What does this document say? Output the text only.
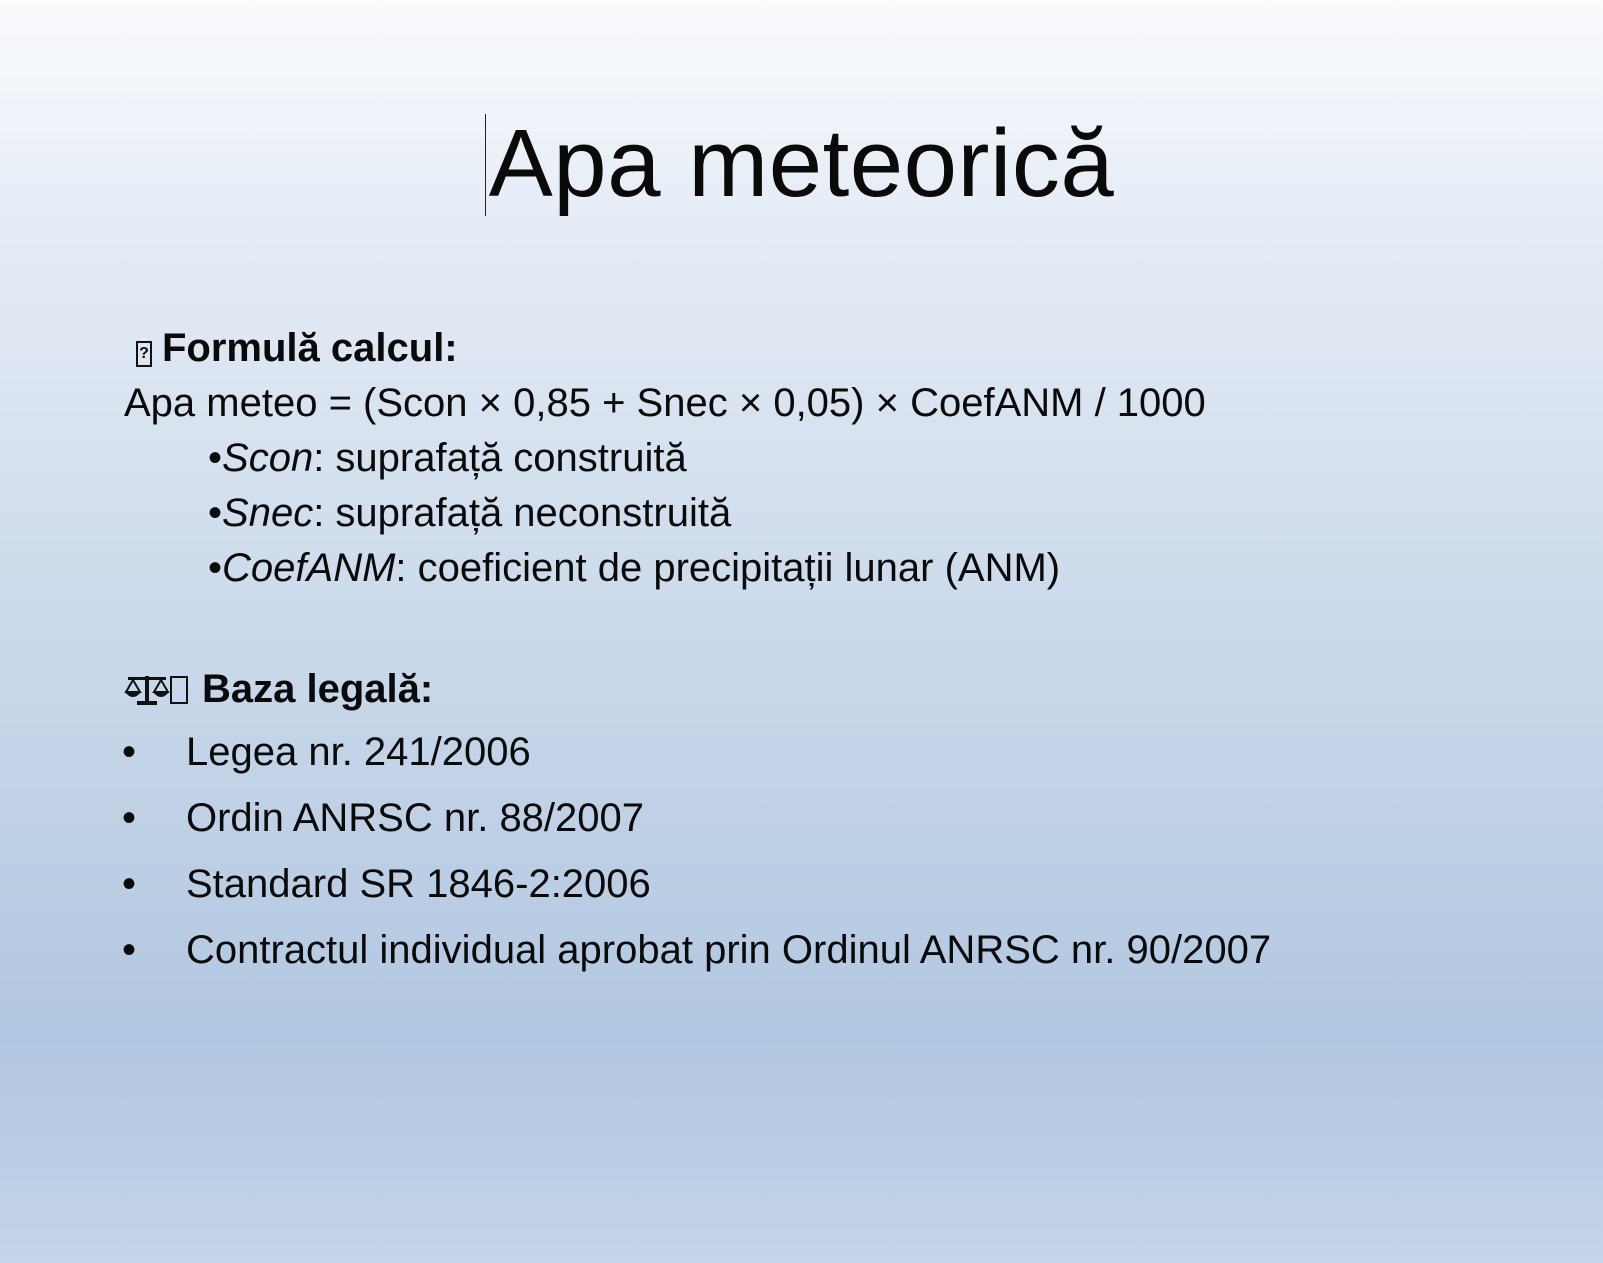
Apa meteorică
? Formulă calcul:
Apa meteo = (Scon × 0,85 + Snec × 0,05) × CoefANM / 1000
•Scon: suprafață construită
•Snec: suprafață neconstruită
•CoefANM: coeficient de precipitații lunar (ANM)
Baza legală:
• Legea nr. 241/2006
• Ordin ANRSC nr. 88/2007
• Standard SR 1846-2:2006
• Contractul individual aprobat prin Ordinul ANRSC nr. 90/2007
